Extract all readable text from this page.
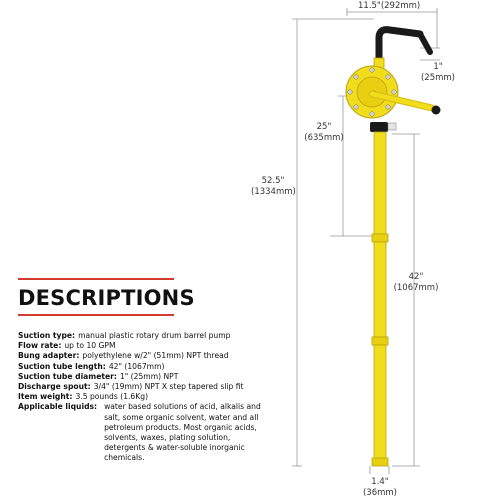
11.5"(292mm)
1"
(25mm)
25"
(635mm)
52.5"
(1334mm)
42"
(1067mm)
1.4"
(36mm)
DESCRIPTIONS
Suction type: manual plastic rotary drum barrel pump
Flow rate: up to 10 GPM
Bung adapter: polyethylene w/2" (51mm) NPT thread
Suction tube length: 42" (1067mm)
Suction tube diameter: 1" (25mm) NPT
Discharge spout: 3/4" (19mm) NPT X step tapered slip fit
Item weight: 3.5 pounds (1.6Kg)
Applicable liquids: water based solutions of acid, alkalis and salt, some organic solvent, water and all petroleum products. Most organic acids, solvents, waxes, plating solution, detergents & water-soluble inorganic chemicals.
